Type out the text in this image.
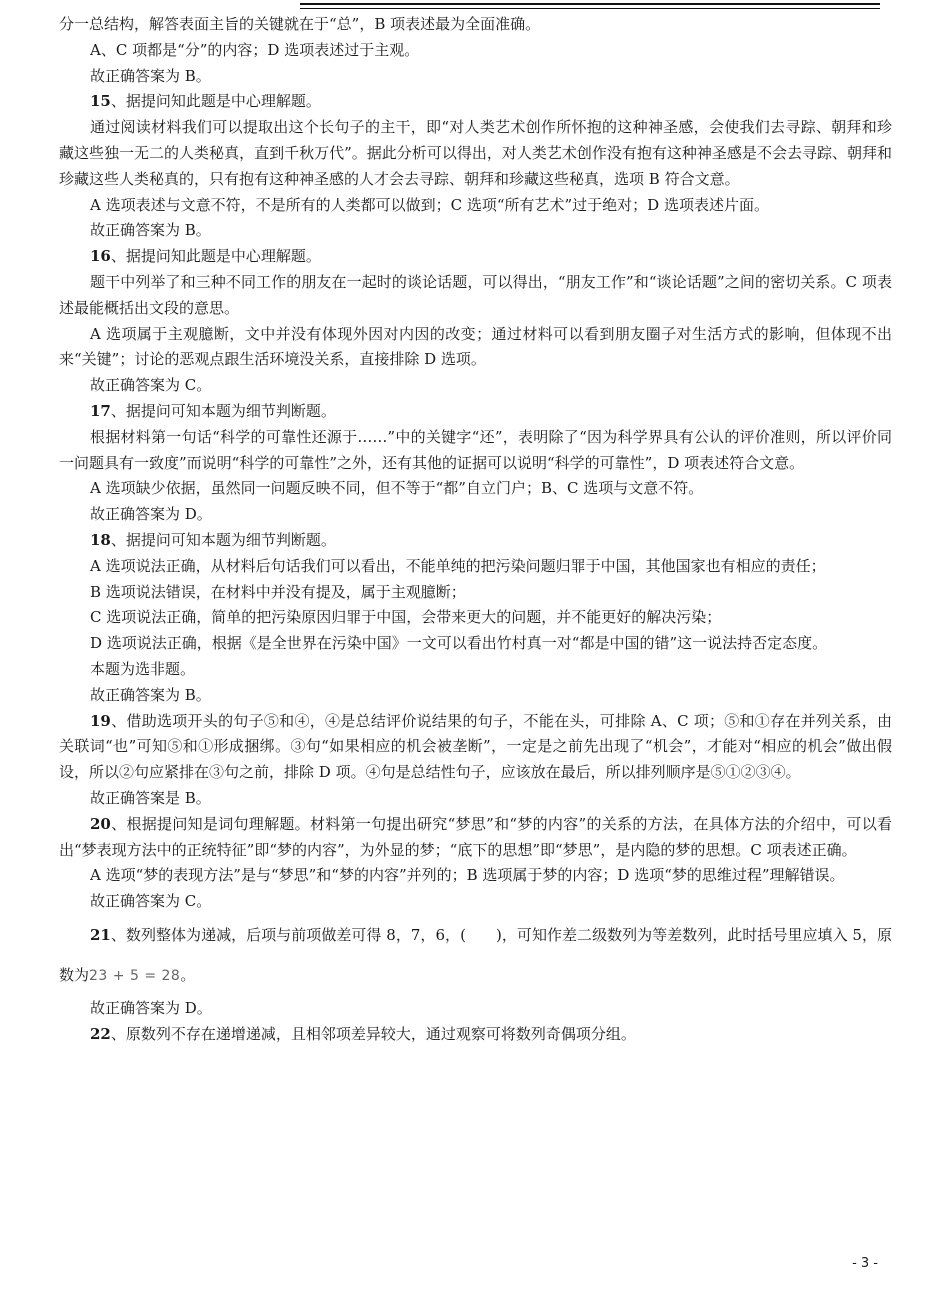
分一总结构，解答表面主旨的关键就在于“总”，B 项表述最为全面准确。

A、C 项都是“分”的内容；D 选项表述过于主观。

故正确答案为 B。

15、据提问知此题是中心理解题。

通过阅读材料我们可以提取出这个长句子的主干，即“对人类艺术创作所怀抱的这种神圣感，会使我们去寻踪、朝拜和珍藏这些独一无二的人类秘真，直到千秋万代”。据此分析可以得出，对人类艺术创作没有抱有这种神圣感是不会去寻踪、朝拜和珍藏这些人类秘真的，只有抱有这种神圣感的人才会去寻踪、朝拜和珍藏这些秘真，选项 B 符合文意。

A 选项表述与文意不符，不是所有的人类都可以做到；C 选项“所有艺术”过于绝对；D 选项表述片面。

故正确答案为 B。

16、据提问知此题是中心理解题。

题干中列举了和三种不同工作的朋友在一起时的谈论话题，可以得出，“朋友工作”和“谈论话题”之间的密切关系。C 项表述最能概括出文段的意思。

A 选项属于主观臆断，文中并没有体现外因对内因的改变；通过材料可以看到朋友圈子对生活方式的影响，但体现不出来“关键”；讨论的恶观点跟生活环境没关系，直接排除 D 选项。

故正确答案为 C。

17、据提问可知本题为细节判断题。

根据材料第一句话“科学的可靠性还源于……”中的关键字“还”，表明除了“因为科学界具有公认的评价准则，所以评价同一问题具有一致度”而说明“科学的可靠性”之外，还有其他的证据可以说明“科学的可靠性”，D 项表述符合文意。

A 选项缺少依据，虽然同一问题反映不同，但不等于“都”自立门户；B、C 选项与文意不符。

故正确答案为 D。

18、据提问可知本题为细节判断题。

A 选项说法正确，从材料后句话我们可以看出，不能单纯的把污染问题归罪于中国，其他国家也有相应的责任；

B 选项说法错误，在材料中并没有提及，属于主观臆断；

C 选项说法正确，简单的把污染原因归罪于中国，会带来更大的问题，并不能更好的解决污染；

D 选项说法正确，根据《是全世界在污染中国》一文可以看出竹村真一对“都是中国的错”这一说法持否定态度。

本题为选非题。

故正确答案为 B。

19、借助选项开头的句子⑤和④，④是总结评价说结果的句子，不能在头，可排除 A、C 项；⑤和①存在并列关系，由关联词“也”可知⑤和①形成捆绑。③句“如果相应的机会被垄断”，一定是之前先出现了“机会”，才能对“相应的机会”做出假设，所以②句应紧排在③句之前，排除 D 项。④句是总结性句子，应该放在最后，所以排列顺序是⑤①②③④。

故正确答案是 B。

20、根据提问知是词句理解题。材料第一句提出研究“梦思”和“梦的内容”的关系的方法，在具体方法的介绍中，可以看出“梦表现方法中的正统特征”即“梦的内容”，为外显的梦；“底下的思想”即“梦思”，是内隐的梦的思想。C 项表述正确。

A 选项“梦的表现方法”是与“梦思”和“梦的内容”并列的；B 选项属于梦的内容；D 选项“梦的思维过程”理解错误。

故正确答案为 C。

21、数列整体为递减，后项与前项做差可得 8，7，6，(　　)，可知作差二级数列为等差数列，此时括号里应填入 5，原数为23 + 5 = 28。

故正确答案为 D。

22、原数列不存在递增递减，且相邻项差异较大，通过观察可将数列奇偶项分组。

- 3 -
